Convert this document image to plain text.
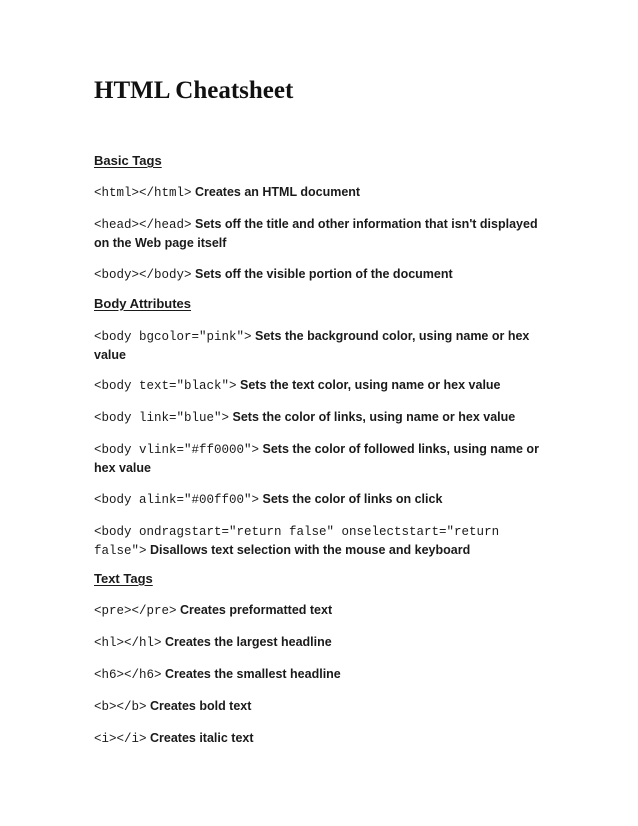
HTML Cheatsheet
Basic Tags

<html></html> Creates an HTML document

<head></head> Sets off the title and other information that isn't displayed on the Web page itself

<body></body> Sets off the visible portion of the document

Body Attributes

<body bgcolor="pink"> Sets the background color, using name or hex value

<body text="black"> Sets the text color, using name or hex value

<body link="blue"> Sets the color of links, using name or hex value

<body vlink="#ff0000"> Sets the color of followed links, using name or hex value

<body alink="#00ff00"> Sets the color of links on click

<body ondragstart="return false" onselectstart="return false"> Disallows text selection with the mouse and keyboard

Text Tags

<pre></pre> Creates preformatted text

<hl></hl> Creates the largest headline

<h6></h6> Creates the smallest headline

<b></b> Creates bold text

<i></i> Creates italic text
